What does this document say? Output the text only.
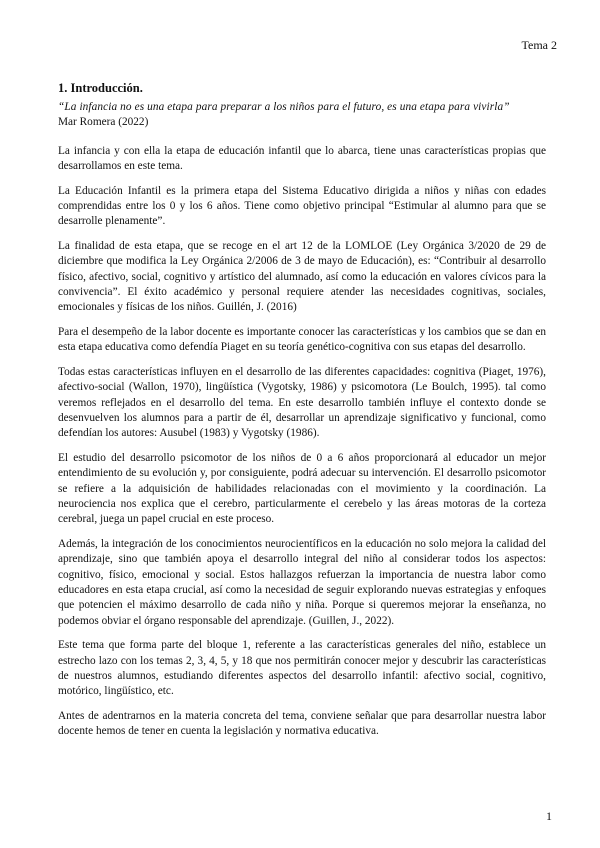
Tema 2
1. Introducción.
“La infancia no es una etapa para preparar a los niños para el futuro, es una etapa para vivirla”
Mar Romera (2022)

La infancia y con ella la etapa de educación infantil que lo abarca, tiene unas características propias que desarrollamos en este tema.

La Educación Infantil es la primera etapa del Sistema Educativo dirigida a niños y niñas con edades comprendidas entre los 0 y los 6 años. Tiene como objetivo principal “Estimular al alumno para que se desarrolle plenamente”.

La finalidad de esta etapa, que se recoge en el art 12 de la LOMLOE (Ley Orgánica 3/2020 de 29 de diciembre que modifica la Ley Orgánica 2/2006 de 3 de mayo de Educación), es: “Contribuir al desarrollo físico, afectivo, social, cognitivo y artístico del alumnado, así como la educación en valores cívicos para la convivencia”. El éxito académico y personal requiere atender las necesidades cognitivas, sociales, emocionales y físicas de los niños. Guillén, J. (2016)

Para el desempeño de la labor docente es importante conocer las características y los cambios que se dan en esta etapa educativa como defendía Piaget en su teoría genético-cognitiva con sus etapas del desarrollo.

Todas estas características influyen en el desarrollo de las diferentes capacidades: cognitiva (Piaget, 1976), afectivo-social (Wallon, 1970), lingüística (Vygotsky, 1986) y psicomotora (Le Boulch, 1995). tal como veremos reflejados en el desarrollo del tema. En este desarrollo también influye el contexto donde se desenvuelven los alumnos para a partir de él, desarrollar un aprendizaje significativo y funcional, como defendían los autores: Ausubel (1983) y Vygotsky (1986).

El estudio del desarrollo psicomotor de los niños de 0 a 6 años proporcionará al educador un mejor entendimiento de su evolución y, por consiguiente, podrá adecuar su intervención. El desarrollo psicomotor se refiere a la adquisición de habilidades relacionadas con el movimiento y la coordinación. La neurociencia nos explica que el cerebro, particularmente el cerebelo y las áreas motoras de la corteza cerebral, juega un papel crucial en este proceso.

Además, la integración de los conocimientos neurocientíficos en la educación no solo mejora la calidad del aprendizaje, sino que también apoya el desarrollo integral del niño al considerar todos los aspectos: cognitivo, físico, emocional y social. Estos hallazgos refuerzan la importancia de nuestra labor como educadores en esta etapa crucial, así como la necesidad de seguir explorando nuevas estrategias y enfoques que potencien el máximo desarrollo de cada niño y niña. Porque si queremos mejorar la enseñanza, no podemos obviar el órgano responsable del aprendizaje. (Guillen, J., 2022).

Este tema que forma parte del bloque 1, referente a las características generales del niño, establece un estrecho lazo con los temas 2, 3, 4, 5, y 18 que nos permitirán conocer mejor y descubrir las características de nuestros alumnos, estudiando diferentes aspectos del desarrollo infantil: afectivo social, cognitivo, motórico, lingüístico, etc.

Antes de adentrarnos en la materia concreta del tema, conviene señalar que para desarrollar nuestra labor docente hemos de tener en cuenta la legislación y normativa educativa.

1
